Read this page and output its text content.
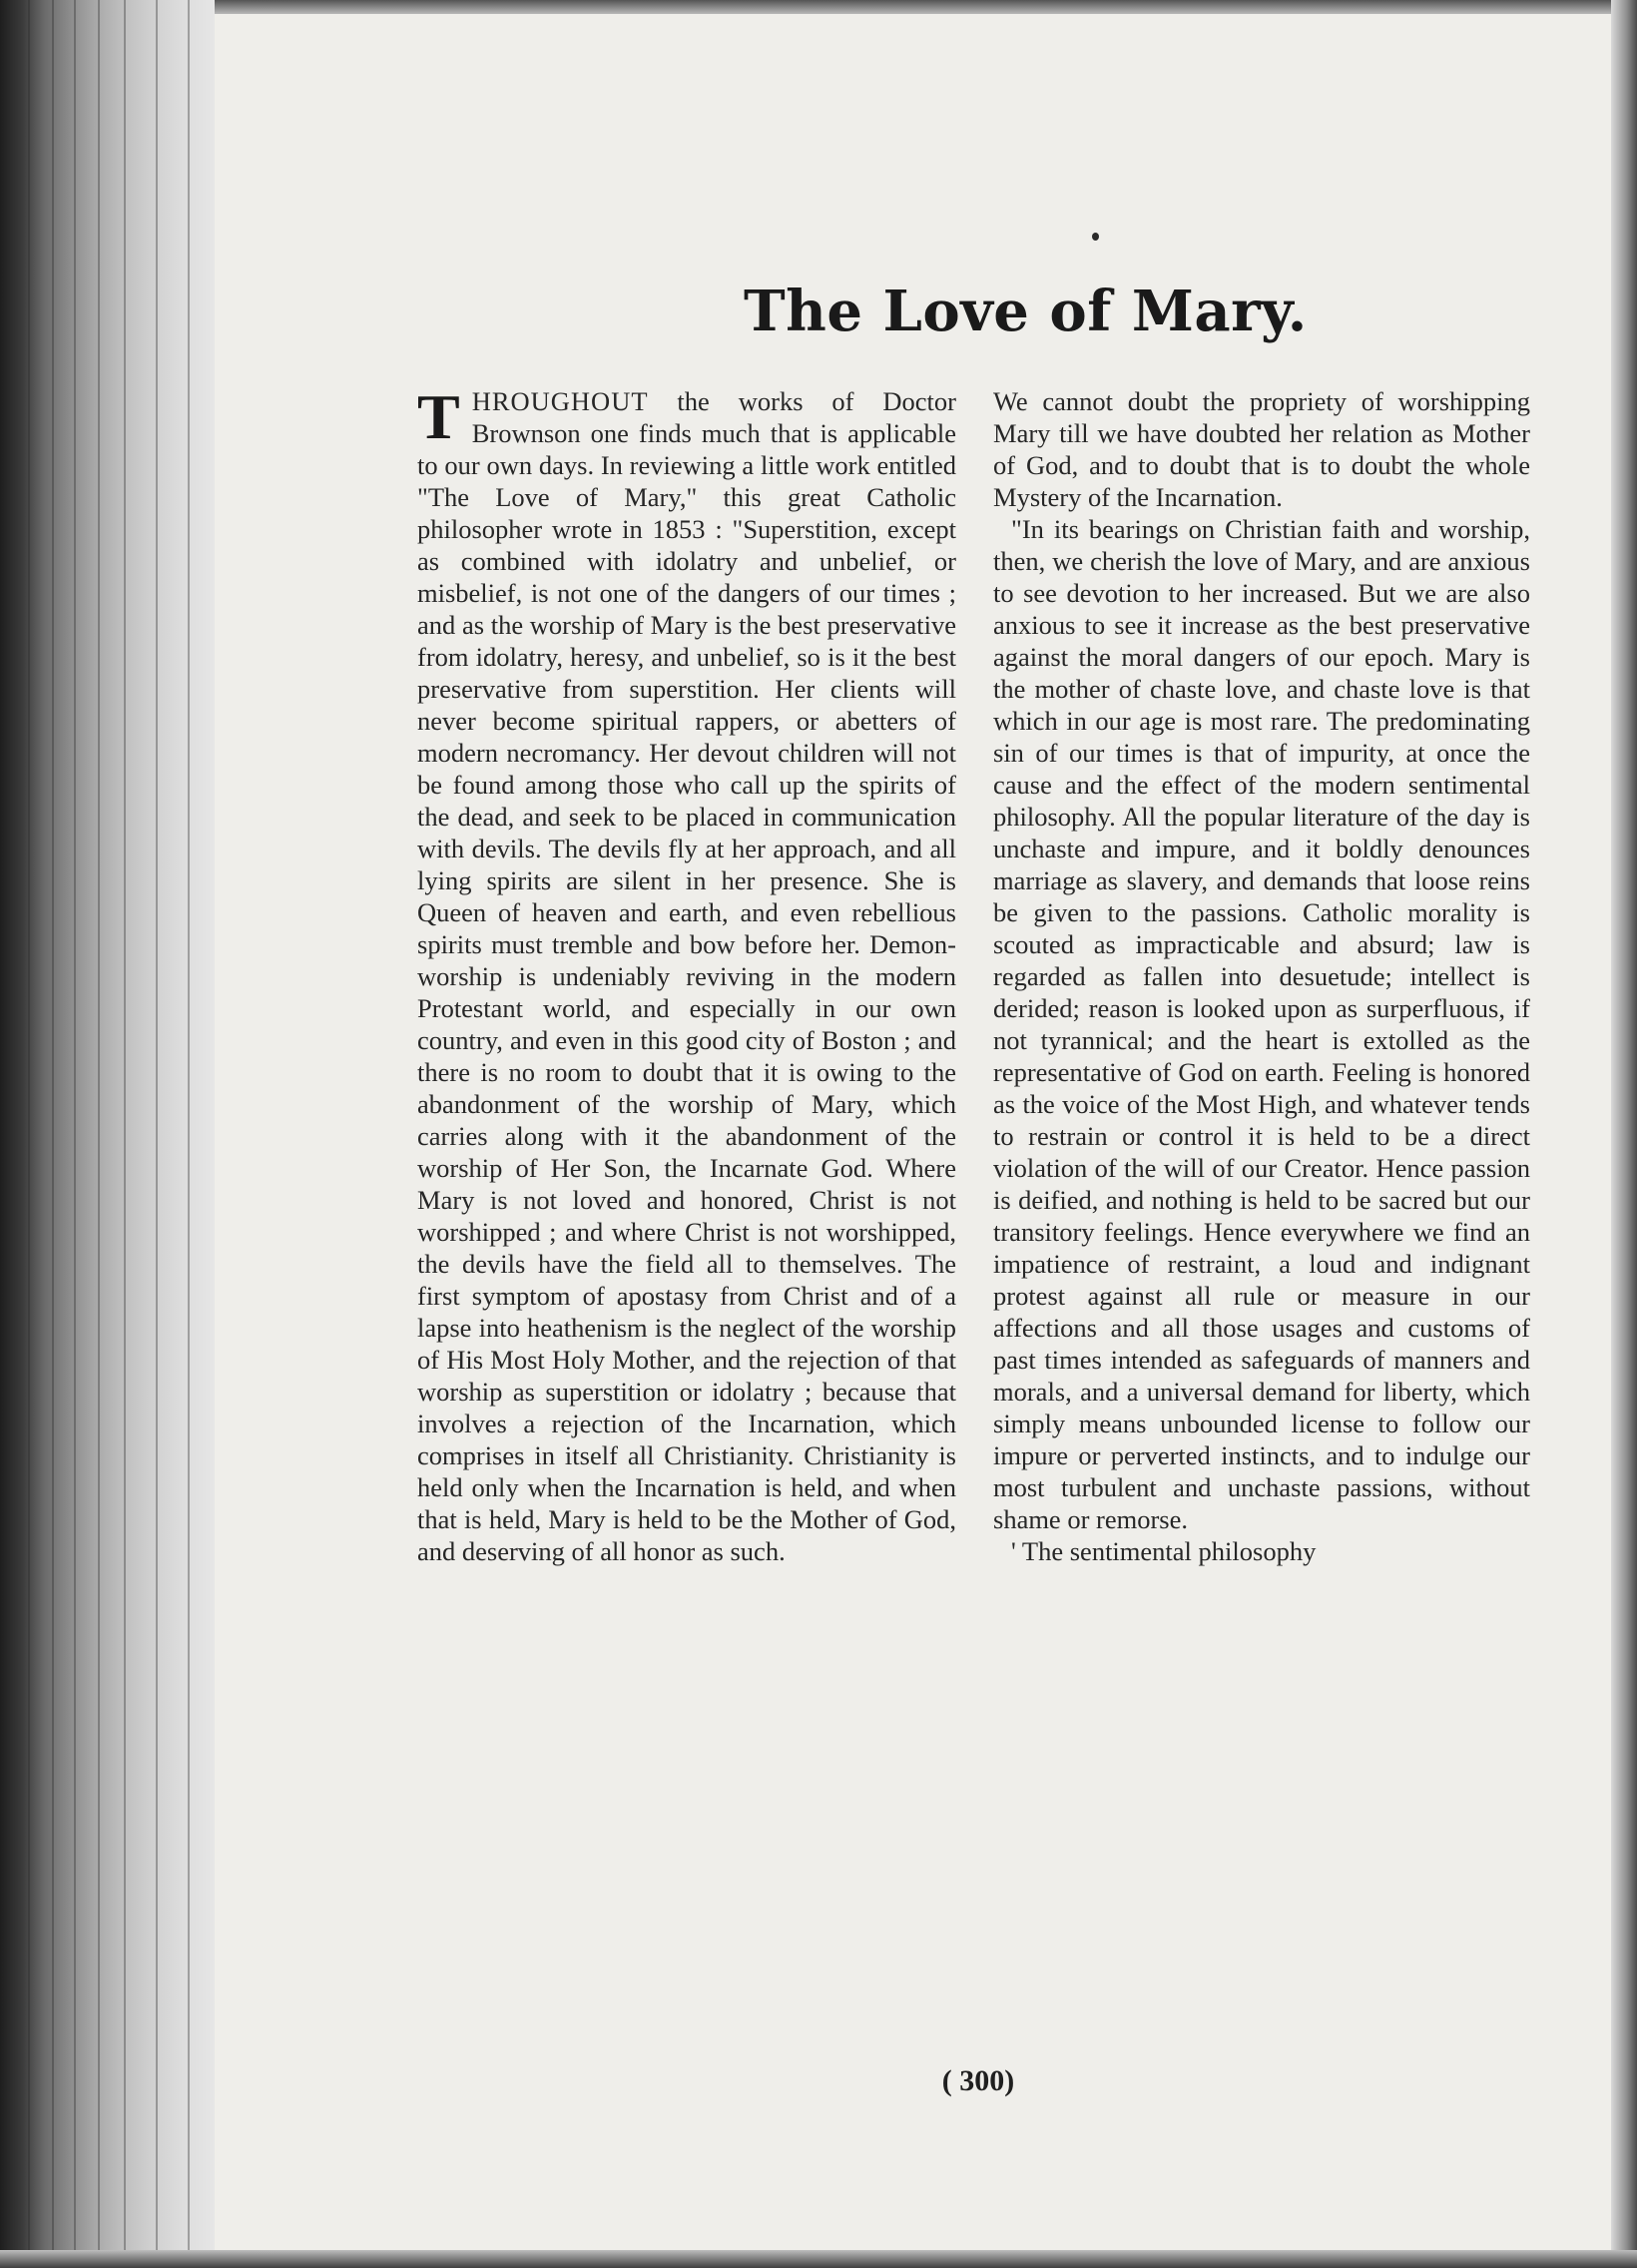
The Love of Mary.

THROUGHOUT the works of Doctor Brownson one finds much that is applicable to our own days. In reviewing a little work entitled "The Love of Mary," this great Catholic philosopher wrote in 1853 : "Superstition, except as combined with idolatry and unbelief, or misbelief, is not one of the dangers of our times ; and as the worship of Mary is the best preservative from idolatry, heresy, and unbelief, so is it the best preservative from superstition. Her clients will never become spiritual rappers, or abetters of modern necromancy. Her devout children will not be found among those who call up the spirits of the dead, and seek to be placed in communication with devils. The devils fly at her approach, and all lying spirits are silent in her presence. She is Queen of heaven and earth, and even rebellious spirits must tremble and bow before her. Demon-worship is undeniably reviving in the modern Protestant world, and especially in our own country, and even in this good city of Boston ; and there is no room to doubt that it is owing to the abandonment of the worship of Mary, which carries along with it the abandonment of the worship of Her Son, the Incarnate God. Where Mary is not loved and honored, Christ is not worshipped ; and where Christ is not worshipped, the devils have the field all to themselves. The first symptom of apostasy from Christ and of a lapse into heathenism is the neglect of the worship of His Most Holy Mother, and the rejection of that worship as superstition or idolatry ; because that involves a rejection of the Incarnation, which comprises in itself all Christianity. Christianity is held only when the Incarnation is held, and when that is held, Mary is held to be the Mother of God, and deserving of all honor as such.

We cannot doubt the propriety of worshipping Mary till we have doubted her relation as Mother of God, and to doubt that is to doubt the whole Mystery of the Incarnation.

"In its bearings on Christian faith and worship, then, we cherish the love of Mary, and are anxious to see devotion to her increased. But we are also anxious to see it increase as the best preservative against the moral dangers of our epoch. Mary is the mother of chaste love, and chaste love is that which in our age is most rare. The predominating sin of our times is that of impurity, at once the cause and the effect of the modern sentimental philosophy. All the popular literature of the day is unchaste and impure, and it boldly denounces marriage as slavery, and demands that loose reins be given to the passions. Catholic morality is scouted as impracticable and absurd; law is regarded as fallen into desuetude; intellect is derided; reason is looked upon as surperfluous, if not tyrannical; and the heart is extolled as the representative of God on earth. Feeling is honored as the voice of the Most High, and whatever tends to restrain or control it is held to be a direct violation of the will of our Creator. Hence passion is deified, and nothing is held to be sacred but our transitory feelings. Hence everywhere we find an impatience of restraint, a loud and indignant protest against all rule or measure in our affections and all those usages and customs of past times intended as safeguards of manners and morals, and a universal demand for liberty, which simply means unbounded license to follow our impure or perverted instincts, and to indulge our most turbulent and unchaste passions, without shame or remorse.

' The sentimental philosophy

( 300)
